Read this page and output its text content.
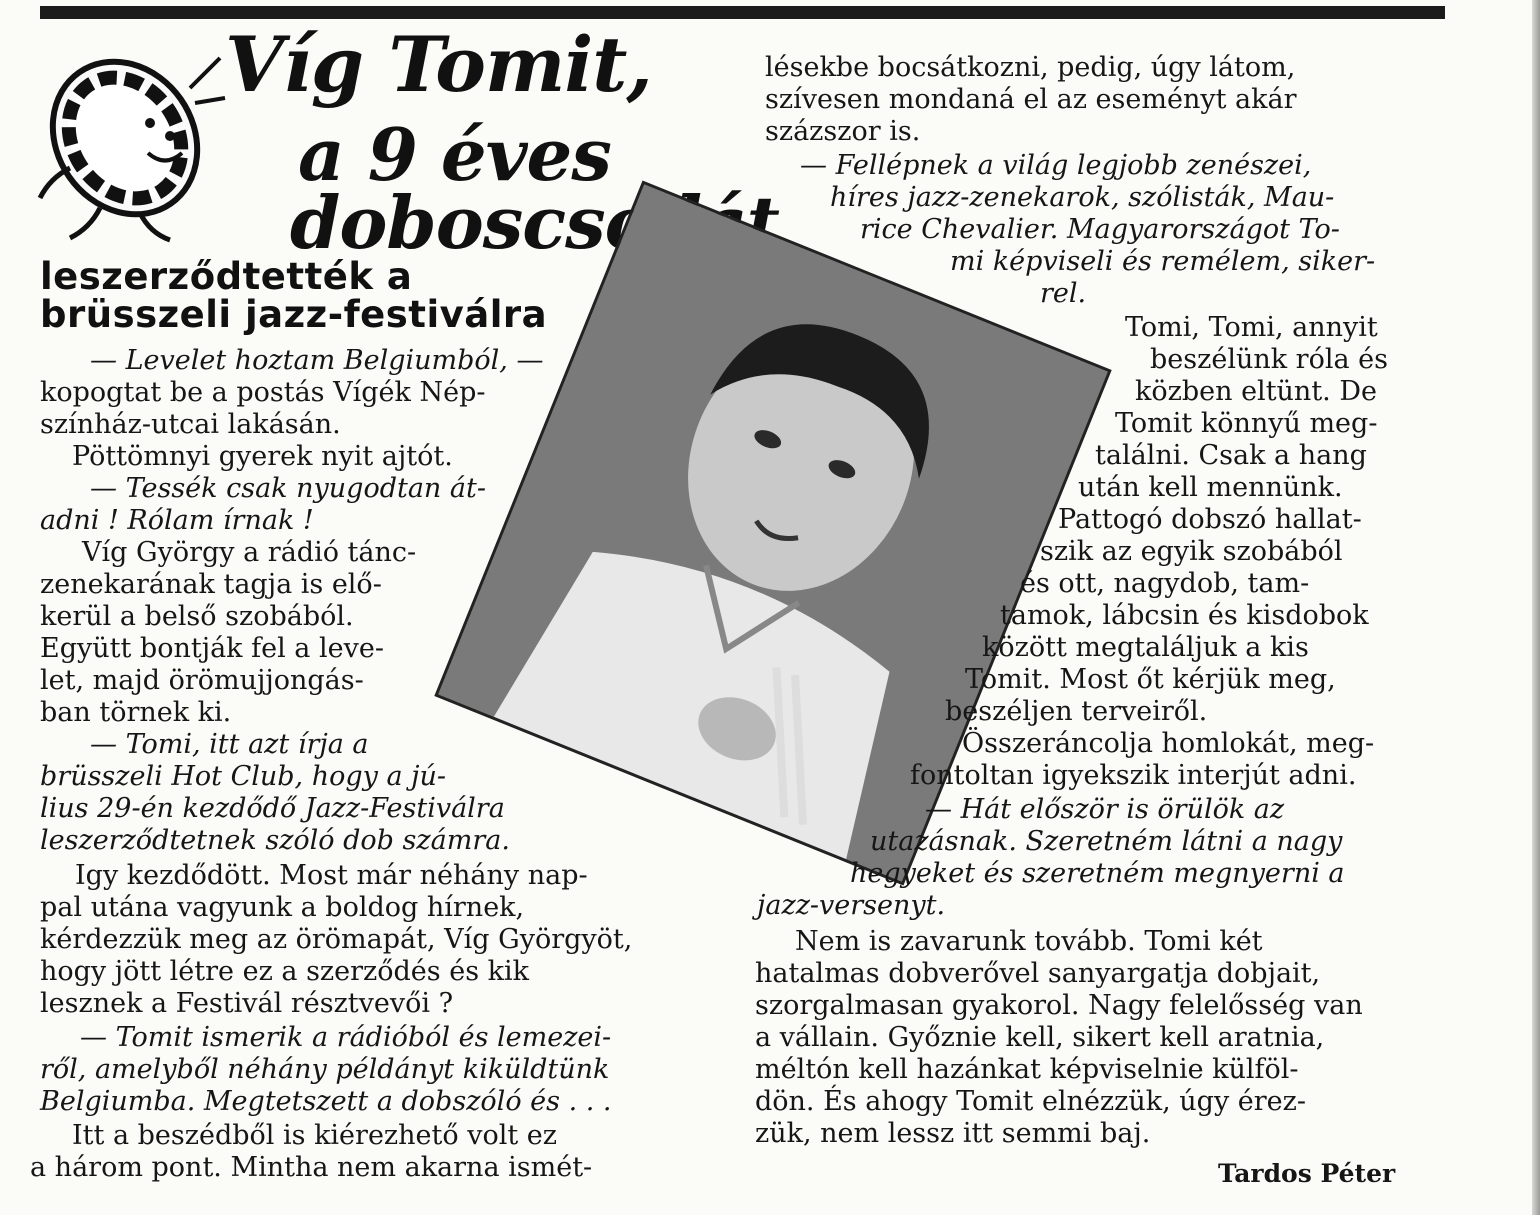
Víg Tomit,
a 9 éves
doboscsodát
leszerződtették a
brüsszeli jazz-festiválra

— Levelet hoztam Belgiumból, —

kopogtat be a postás Vígék Nép-

színház-utcai lakásán.

Pöttömnyi gyerek nyit ajtót.

— Tessék csak nyugodtan át-

adni ! Rólam írnak !

Víg György a rádió tánc-

zenekarának tagja is elő-

kerül a belső szobából.

Együtt bontják fel a leve-

let, majd örömujjongás-

ban törnek ki.

— Tomi, itt azt írja a

brüsszeli Hot Club, hogy a jú-

lius 29-én kezdődő Jazz-Festiválra

leszerződtetnek szóló dob számra.

Igy kezdődött. Most már néhány nap-

pal utána vagyunk a boldog hírnek,

kérdezzük meg az örömapát, Víg Györgyöt,

hogy jött létre ez a szerződés és kik

lesznek a Festivál résztvevői ?

— Tomit ismerik a rádióból és lemezei-

ről, amelyből néhány példányt kiküldtünk

Belgiumba. Megtetszett a dobszóló és . . .

Itt a beszédből is kiérezhető volt ez

a három pont. Mintha nem akarna ismét-

lésekbe bocsátkozni, pedig, úgy látom,

szívesen mondaná el az eseményt akár

százszor is.

— Fellépnek a világ legjobb zenészei,

híres jazz-zenekarok, szólisták, Mau-

rice Chevalier. Magyarországot To-

mi képviseli és remélem, siker-

rel.

Tomi, Tomi, annyit

beszélünk róla és

közben eltünt. De

Tomit könnyű meg-

találni. Csak a hang

után kell mennünk.

Pattogó dobszó hallat-

szik az egyik szobából

és ott, nagydob, tam-

tamok, lábcsin és kisdobok

között megtaláljuk a kis

Tomit. Most őt kérjük meg,

beszéljen terveiről.

Összeráncolja homlokát, meg-

fontoltan igyekszik interjút adni.

— Hát először is örülök az

utazásnak. Szeretném látni a nagy

hegyeket és szeretném megnyerni a

jazz-versenyt.

Nem is zavarunk tovább. Tomi két

hatalmas dobverővel sanyargatja dobjait,

szorgalmasan gyakorol. Nagy felelősség van

a vállain. Győznie kell, sikert kell aratnia,

méltón kell hazánkat képviselnie külföl-

dön. És ahogy Tomit elnézzük, úgy érez-

zük, nem lessz itt semmi baj.

Tardos Péter
